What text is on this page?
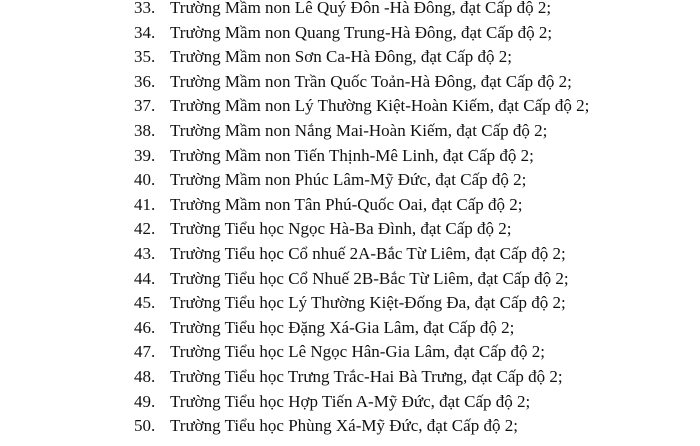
33. Trường Mầm non Lê Quý Đôn -Hà Đông, đạt Cấp độ 2;
34. Trường Mầm non Quang Trung-Hà Đông, đạt Cấp độ 2;
35. Trường Mầm non Sơn Ca-Hà Đông, đạt Cấp độ 2;
36. Trường Mầm non Trần Quốc Toản-Hà Đông, đạt Cấp độ 2;
37. Trường Mầm non Lý Thường Kiệt-Hoàn Kiếm, đạt Cấp độ 2;
38. Trường Mầm non Nắng Mai-Hoàn Kiếm, đạt Cấp độ 2;
39. Trường Mầm non Tiến Thịnh-Mê Linh, đạt Cấp độ 2;
40. Trường Mầm non Phúc Lâm-Mỹ Đức, đạt Cấp độ 2;
41. Trường Mầm non Tân Phú-Quốc Oai, đạt Cấp độ 2;
42. Trường Tiểu học Ngọc Hà-Ba Đình, đạt Cấp độ 2;
43. Trường Tiểu học Cổ nhuế 2A-Bắc Từ Liêm, đạt Cấp độ 2;
44. Trường Tiểu học Cổ Nhuế 2B-Bắc Từ Liêm, đạt Cấp độ 2;
45. Trường Tiểu học Lý Thường Kiệt-Đống Đa, đạt Cấp độ 2;
46. Trường Tiểu học Đặng Xá-Gia Lâm, đạt Cấp độ 2;
47. Trường Tiểu học Lê Ngọc Hân-Gia Lâm, đạt Cấp độ 2;
48. Trường Tiểu học Trưng Trắc-Hai Bà Trưng, đạt Cấp độ 2;
49. Trường Tiểu học Hợp Tiến A-Mỹ Đức, đạt Cấp độ 2;
50. Trường Tiểu học Phùng Xá-Mỹ Đức, đạt Cấp độ 2;
